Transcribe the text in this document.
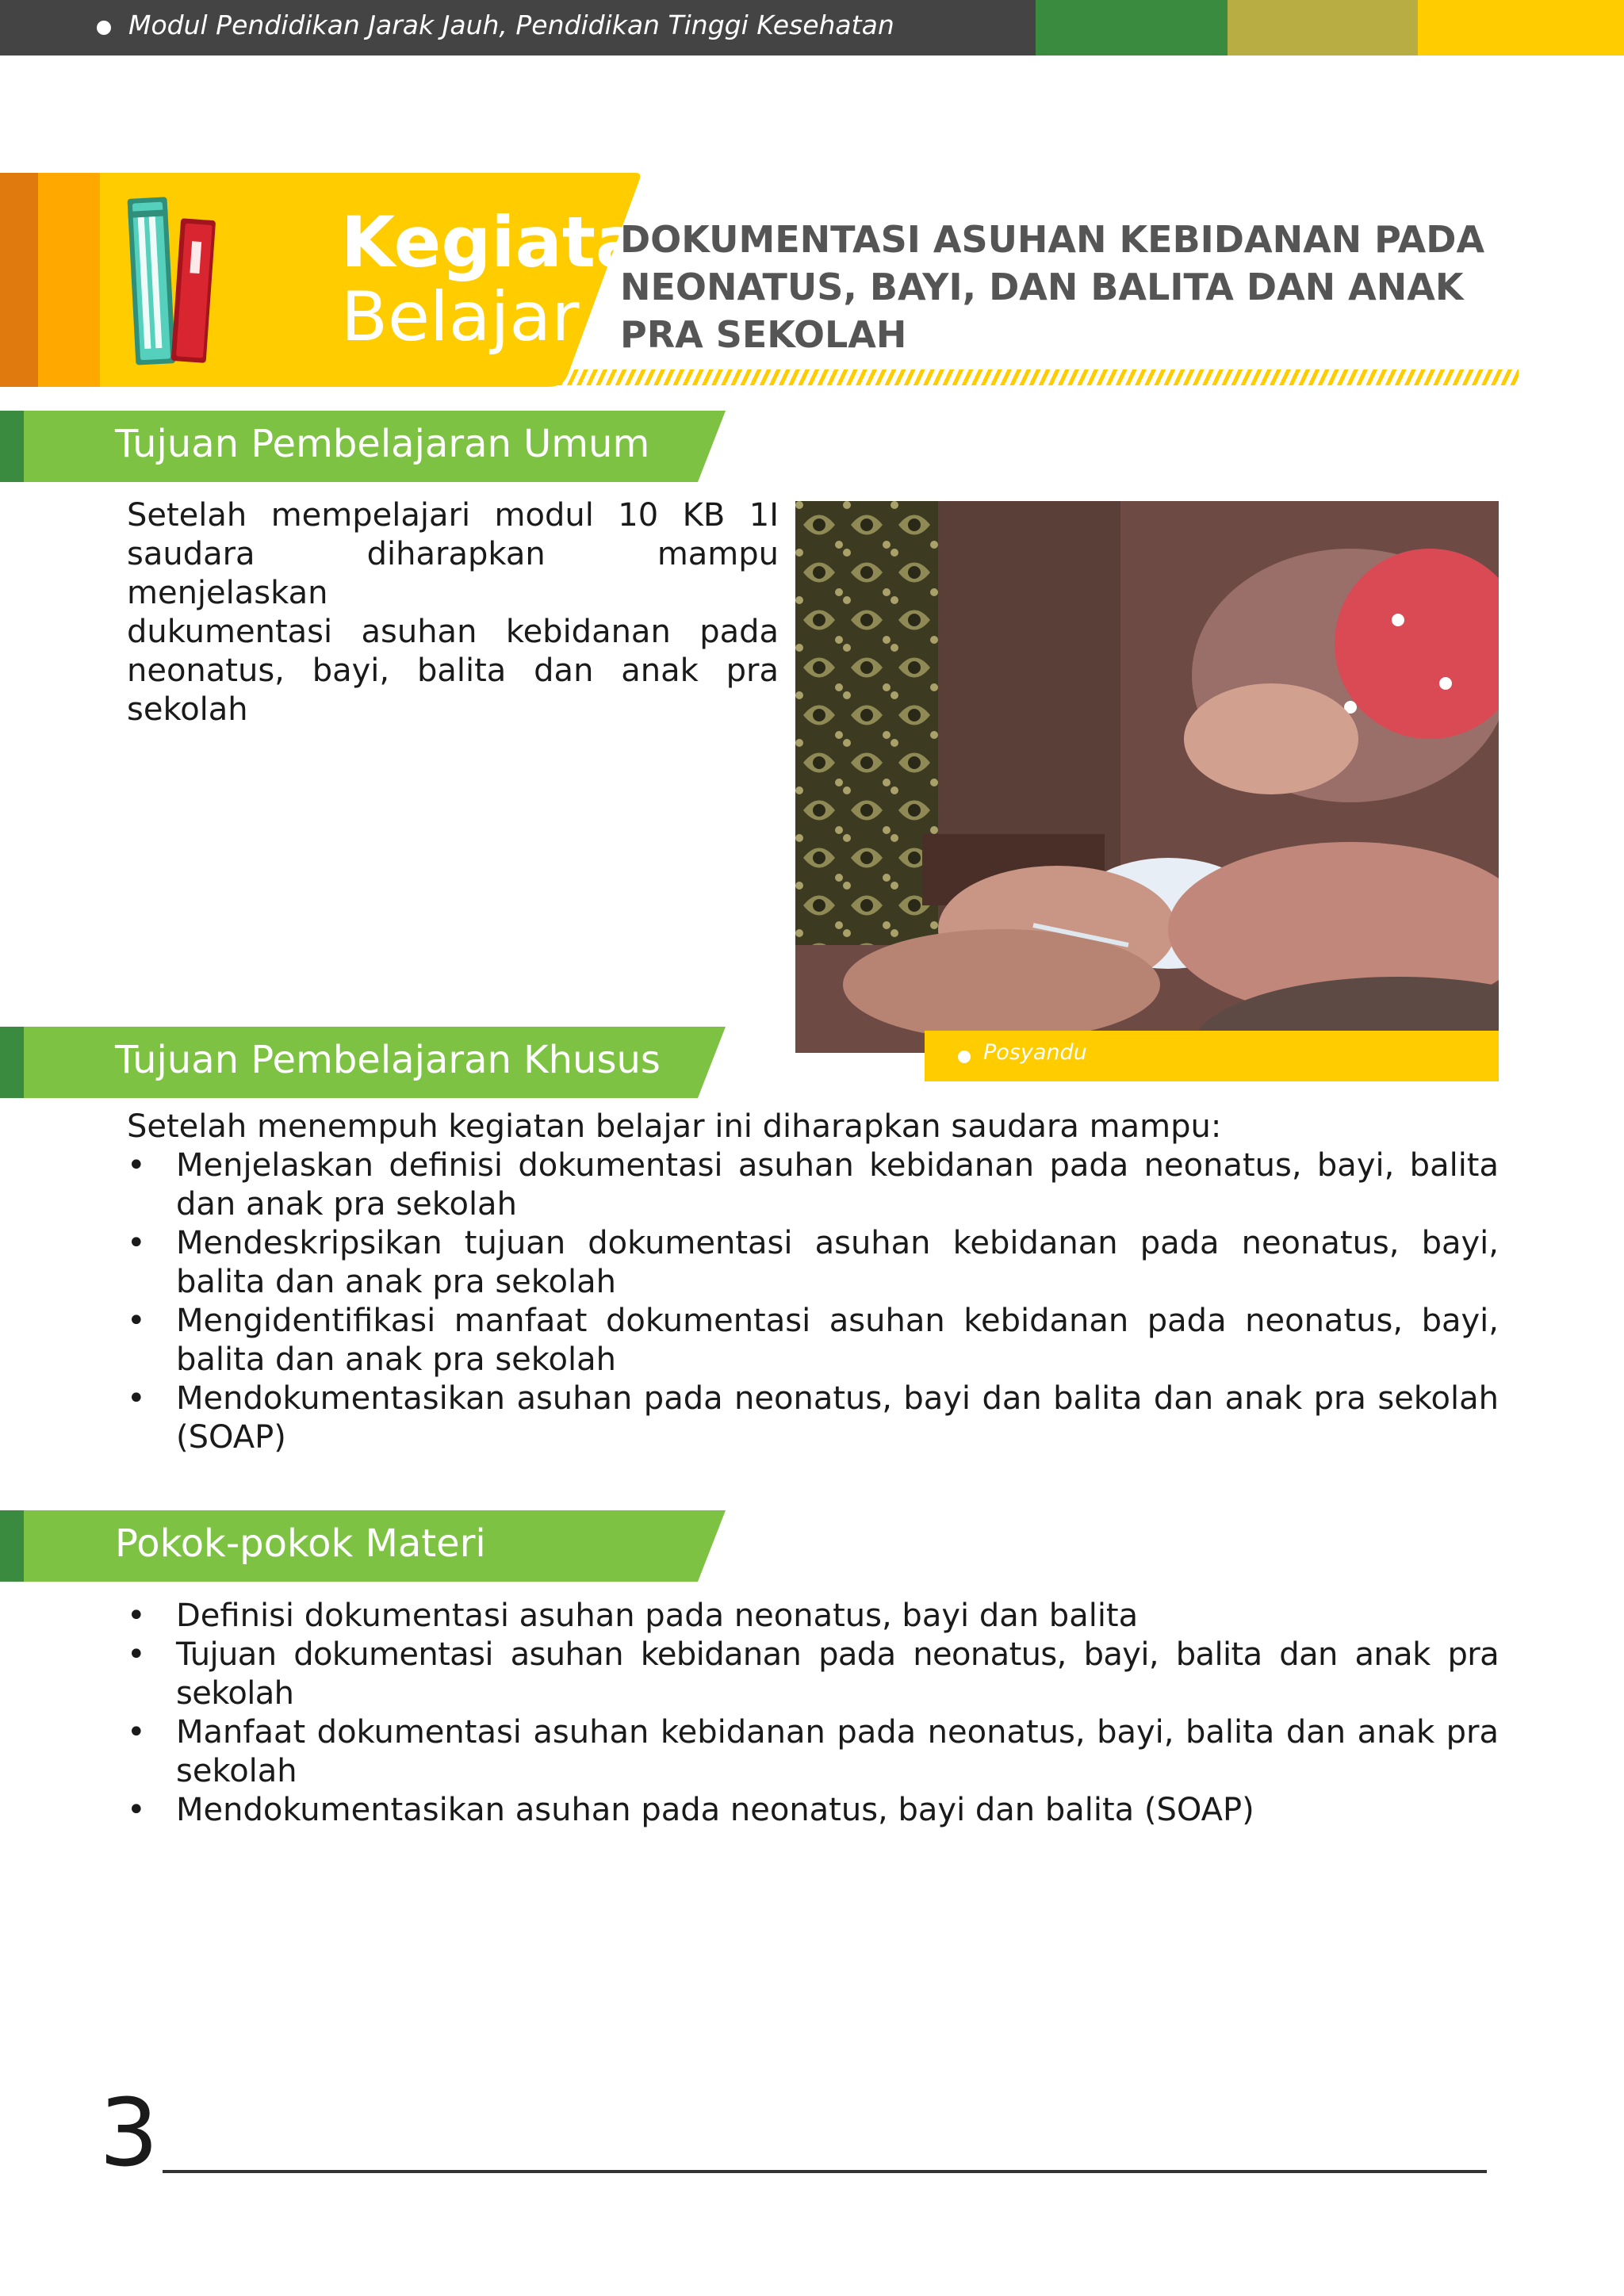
Modul Pendidikan Jarak Jauh, Pendidikan Tinggi Kesehatan
Kegiatan
Belajar 2
DOKUMENTASI ASUHAN KEBIDANAN PADA NEONATUS, BAYI, DAN BALITA DAN ANAK PRA SEKOLAH
Tujuan Pembelajaran Umum
Setelah mempelajari modul 10 KB 1I
saudara diharapkan mampu menjelaskan
dukumentasi asuhan kebidanan pada
neonatus, bayi, balita dan anak pra sekolah
Posyandu
Tujuan Pembelajaran Khusus
Setelah menempuh kegiatan belajar ini diharapkan saudara mampu:
• Menjelaskan definisi dokumentasi asuhan kebidanan pada neonatus, bayi, balita dan anak pra sekolah
• Mendeskripsikan tujuan dokumentasi asuhan kebidanan pada neonatus, bayi, balita dan anak pra sekolah
• Mengidentifikasi manfaat dokumentasi asuhan kebidanan pada neonatus, bayi, balita dan anak pra sekolah
• Mendokumentasikan asuhan pada neonatus, bayi dan balita dan anak pra sekolah (SOAP)
Pokok-pokok Materi
• Definisi dokumentasi asuhan pada neonatus, bayi dan balita
• Tujuan dokumentasi asuhan kebidanan pada neonatus, bayi, balita dan anak pra sekolah
• Manfaat dokumentasi asuhan kebidanan pada neonatus, bayi, balita dan anak pra sekolah
• Mendokumentasikan asuhan pada neonatus, bayi dan balita (SOAP)
3
